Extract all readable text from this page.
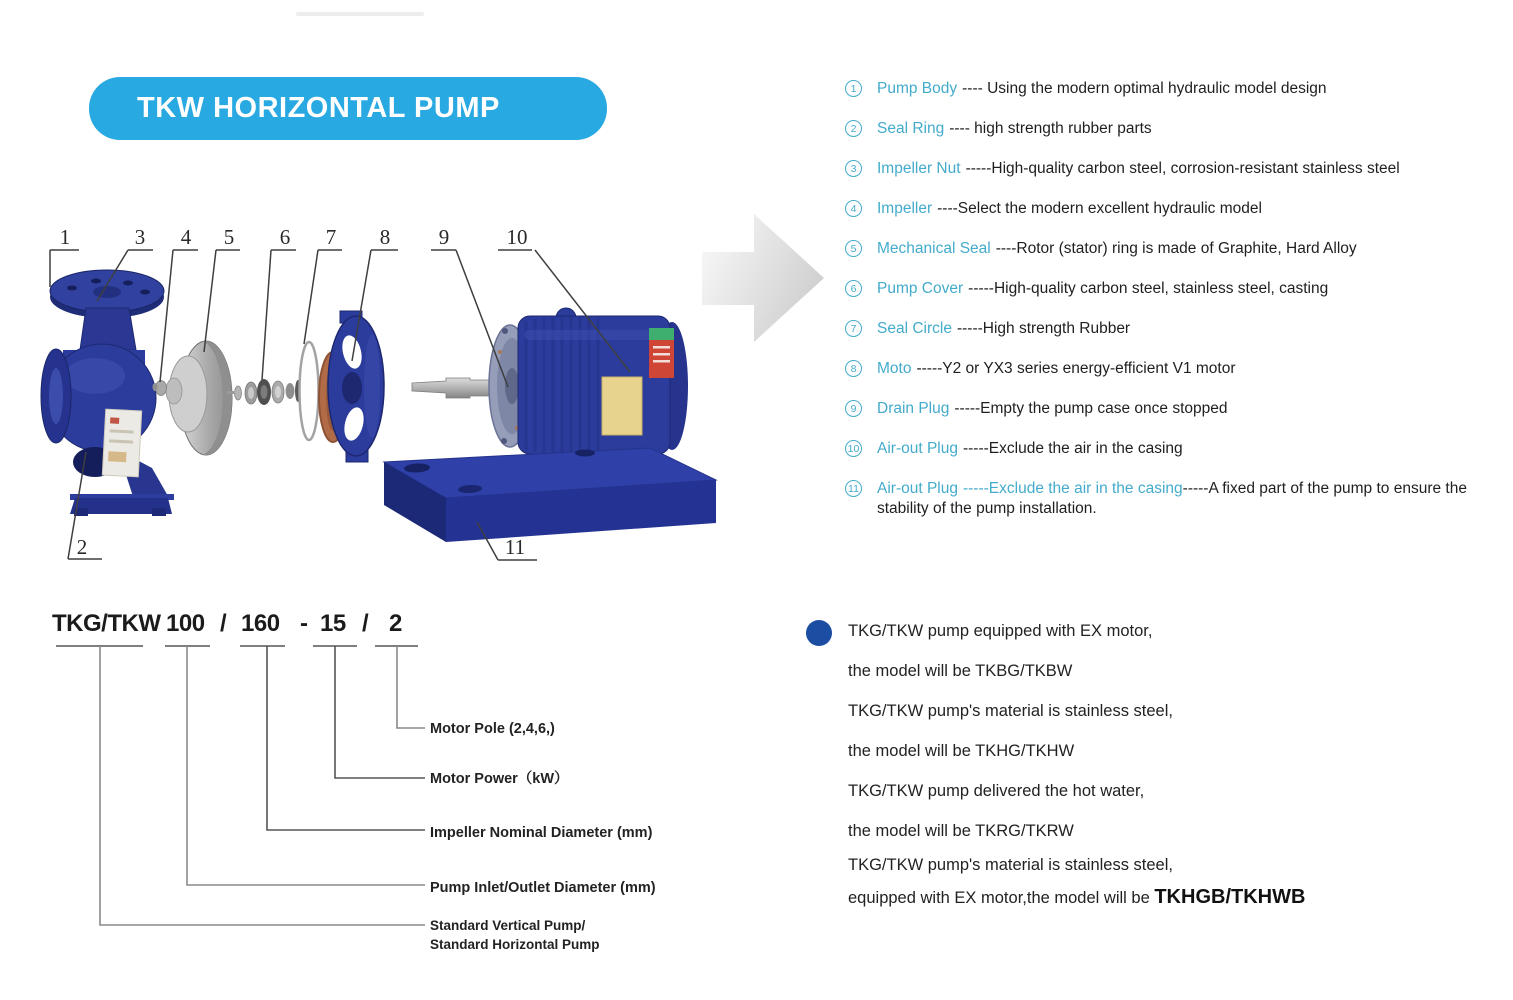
TKW HORIZONTAL PUMP
1	3 4 5 6 7 8 9	10
2	11
TKG/TKW 100 / 160 - 15 / 2
Motor Pole (2,4,6,)
Motor Power（kW）
Impeller Nominal Diameter (mm)
Pump Inlet/Outlet Diameter (mm)
Standard Vertical Pump/
Standard Horizontal Pump
1	Pump Body ---- Using the modern optimal hydraulic model design
2	Seal Ring ---- high strength rubber parts
3	Impeller Nut -----High-quality carbon steel, corrosion-resistant stainless steel
4	Impeller ----Select the modern excellent hydraulic model
5	Mechanical Seal ----Rotor (stator) ring is made of Graphite, Hard Alloy
6	Pump Cover -----High-quality carbon steel, stainless steel, casting
7	Seal Circle -----High strength Rubber
8	Moto -----Y2 or YX3 series energy-efficient V1 motor
9	Drain Plug -----Empty the pump case once stopped
10 Air-out Plug -----Exclude the air in the casing
11 Air-out Plug -----Exclude the air in the casing-----A fixed part of the pump to ensure the stability of the pump installation.
TKG/TKW pump equipped with EX motor,
the model will be TKBG/TKBW
TKG/TKW pump's material is stainless steel,
the model will be TKHG/TKHW
TKG/TKW pump delivered the hot water,
the model will be TKRG/TKRW
TKG/TKW pump's material is stainless steel,
equipped with EX motor,the model will be TKHGB/TKHWB
